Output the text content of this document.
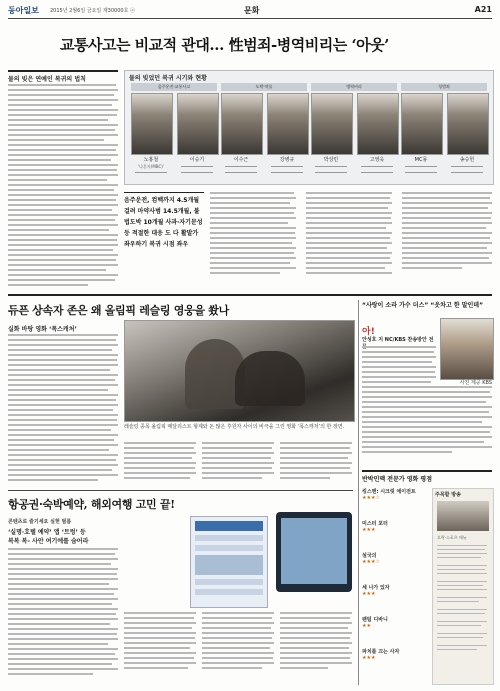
동아일보 2015년 2월6일 금요일 제30000호 ⓐ	문화	A21
교통사고는 비교적 관대… 性범죄-병역비리는 ‘아웃’
물의 빚은 연예인 복귀의 법칙	물의 빚었던 복귀 시기와 현황
음주운전·교통사고	도박·약물	병역비리	성범죄
노홍철	이승기	이수근	강병규	박상민	고영욱	MC몽	송승헌
'나혼자(MBC)'
음주운전, 컴백까지 4.5개월 걸려 마약사범 14.5개월, 불법도박 10개월 사과·자기문성 등 적절한 대응 도 다 활발가 좌우하기 복귀 시점 좌우
듀픈 상속자 존은 왜 올림픽 레슬링 영웅을 쐈나
실화 바탕 영화 ‘폭스캐처’
레슬링 종목 올림픽 메달리스트 형제와 돈 많은 후원자 사이의 비극을 그린 영화 ‘폭스캐처’의 한 장면.
“사랑이 소라 가수 더스” “웃차고 한 말인데”
아!
안성호 지 NC/KBS 찬송방안 전
사진 제공 KBS
반박민맥 전문가 영화 평점
킹스맨: 시크릿 에이전트
★★★☆
미스터 포터
★★★
설국의
★★★☆
세 나가 있자
★★★
팬텀 디바니
★★
파치를 끄는 사자
★★★
주목할 방송
오락·스포츠 메뉴
항공권·숙박예약, 해외여행 고민 끝!
콘텐츠로 즐기세요 실현 필름
‘실명·호텔 예약’ 앱 ‘트렁’ 등
복복 복- 사안 여기에를 숨어라
